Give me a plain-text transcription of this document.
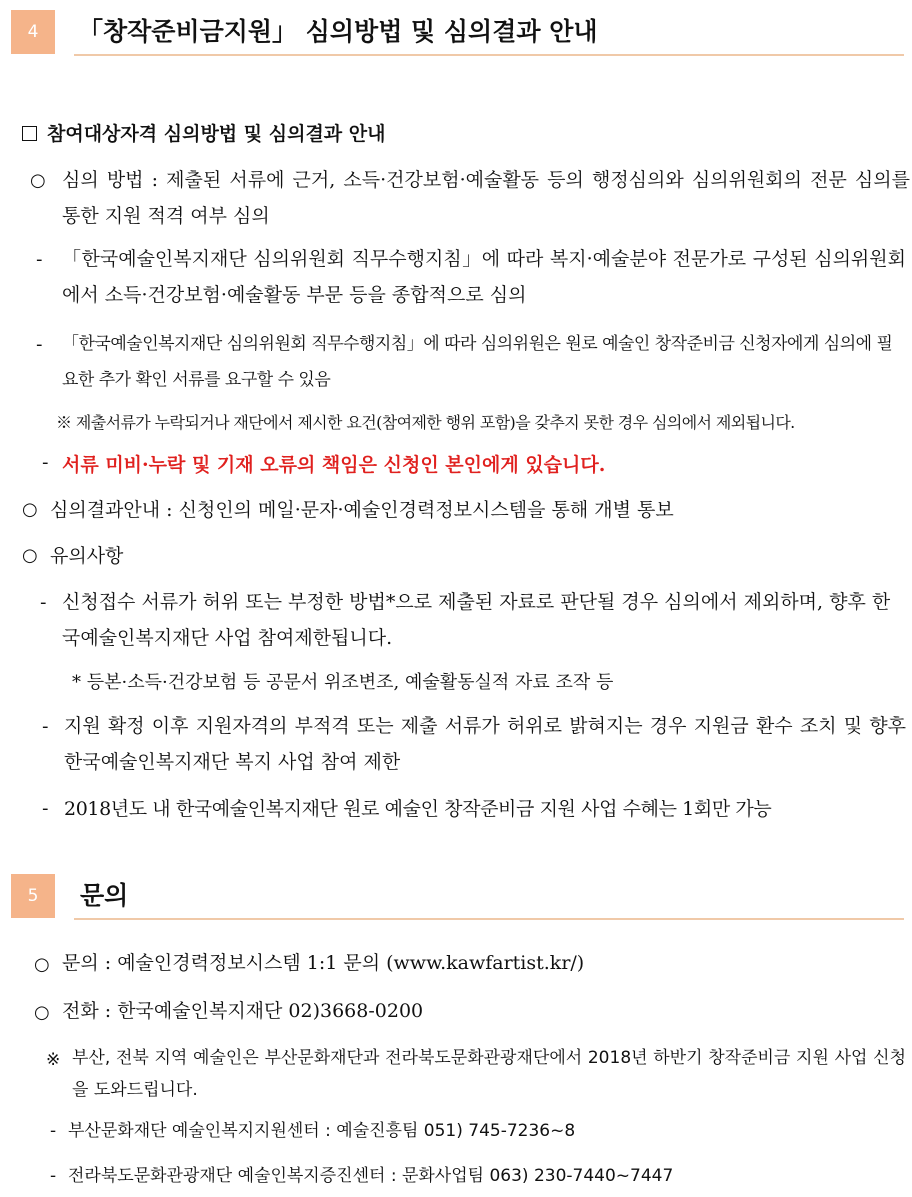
4	「창작준비금지원」 심의방법 및 심의결과 안내
참여대상자격 심의방법 및 심의결과 안내
○ 심의 방법 : 제출된 서류에 근거, 소득·건강보험·예술활동 등의 행정심의와 심의위원회의 전문 심의를 통한 지원 적격 여부 심의
- 「한국예술인복지재단 심의위원회 직무수행지침」에 따라 복지·예술분야 전문가로 구성된 심의위원회에서 소득·건강보험·예술활동 부문 등을 종합적으로 심의
- 「한국예술인복지재단 심의위원회 직무수행지침」에 따라 심의위원은 원로 예술인 창작준비금 신청자에게 심의에 필요한 추가 확인 서류를 요구할 수 있음
※ 제출서류가 누락되거나 재단에서 제시한 요건(참여제한 행위 포함)을 갖추지 못한 경우 심의에서 제외됩니다.
- 서류 미비·누락 및 기재 오류의 책임은 신청인 본인에게 있습니다.
○ 심의결과안내 : 신청인의 메일·문자·예술인경력정보시스템을 통해 개별 통보
○ 유의사항
- 신청접수 서류가 허위 또는 부정한 방법*으로 제출된 자료로 판단될 경우 심의에서 제외하며, 향후 한국예술인복지재단 사업 참여제한됩니다.
* 등본·소득·건강보험 등 공문서 위조변조, 예술활동실적 자료 조작 등
- 지원 확정 이후 지원자격의 부적격 또는 제출 서류가 허위로 밝혀지는 경우 지원금 환수 조치 및 향후 한국예술인복지재단 복지 사업 참여 제한
- 2018년도 내 한국예술인복지재단 원로 예술인 창작준비금 지원 사업 수혜는 1회만 가능
5	문의
○ 문의 : 예술인경력정보시스템 1:1 문의 (www.kawfartist.kr/)
○ 전화 : 한국예술인복지재단 02)3668-0200
※ 부산, 전북 지역 예술인은 부산문화재단과 전라북도문화관광재단에서 2018년 하반기 창작준비금 지원 사업 신청을 도와드립니다.
- 부산문화재단 예술인복지지원센터 : 예술진흥팀 051) 745-7236~8
- 전라북도문화관광재단 예술인복지증진센터 : 문화사업팀 063) 230-7440~7447
